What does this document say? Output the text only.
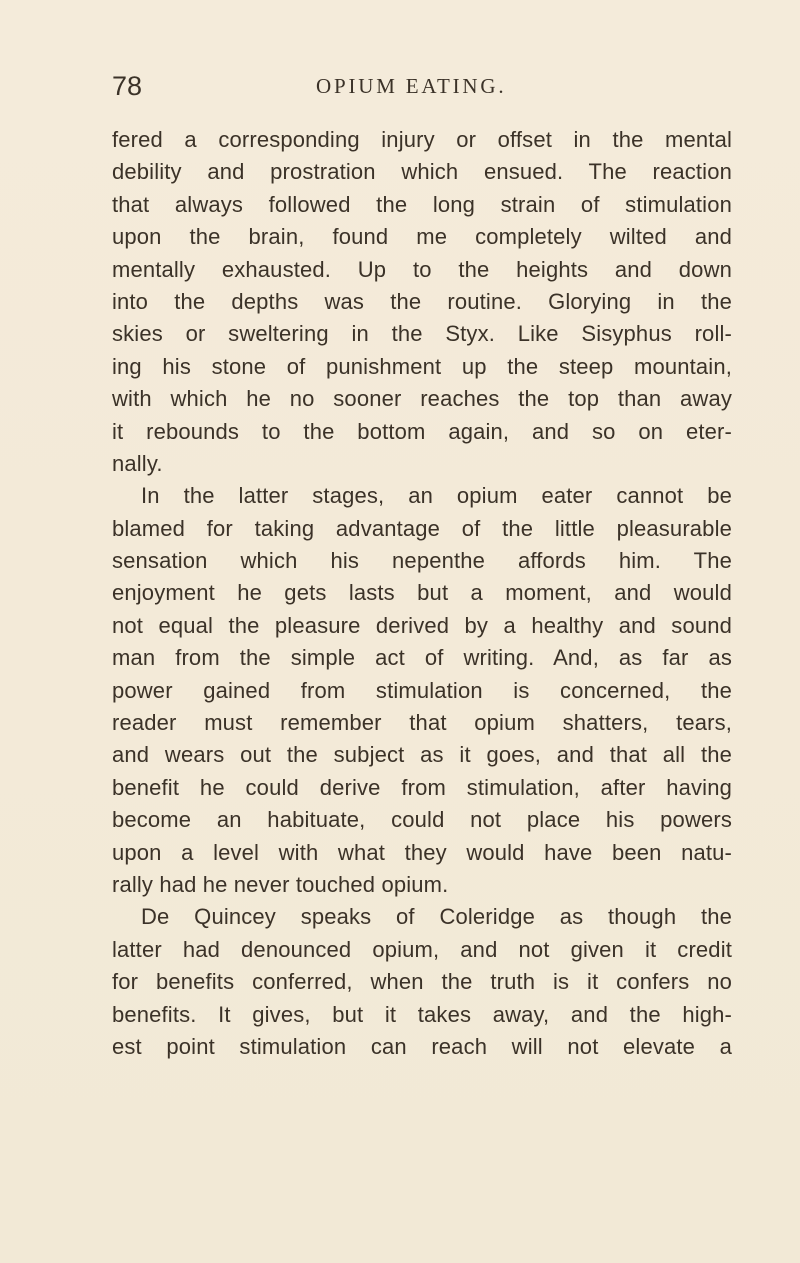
78	OPIUM EATING.
fered a corresponding injury or offset in the mental
debility and prostration which ensued. The reaction
that always followed the long strain of stimulation
upon the brain, found me completely wilted and
mentally exhausted. Up to the heights and down
into the depths was the routine. Glorying in the
skies or sweltering in the Styx. Like Sisyphus roll-
ing his stone of punishment up the steep mountain,
with which he no sooner reaches the top than away
it rebounds to the bottom again, and so on eter-
nally.
In the latter stages, an opium eater cannot be
blamed for taking advantage of the little pleasurable
sensation which his nepenthe affords him. The
enjoyment he gets lasts but a moment, and would
not equal the pleasure derived by a healthy and sound
man from the simple act of writing. And, as far as
power gained from stimulation is concerned, the
reader must remember that opium shatters, tears,
and wears out the subject as it goes, and that all the
benefit he could derive from stimulation, after having
become an habituate, could not place his powers
upon a level with what they would have been natu-
rally had he never touched opium.
De Quincey speaks of Coleridge as though the
latter had denounced opium, and not given it credit
for benefits conferred, when the truth is it confers no
benefits. It gives, but it takes away, and the high-
est point stimulation can reach will not elevate a
